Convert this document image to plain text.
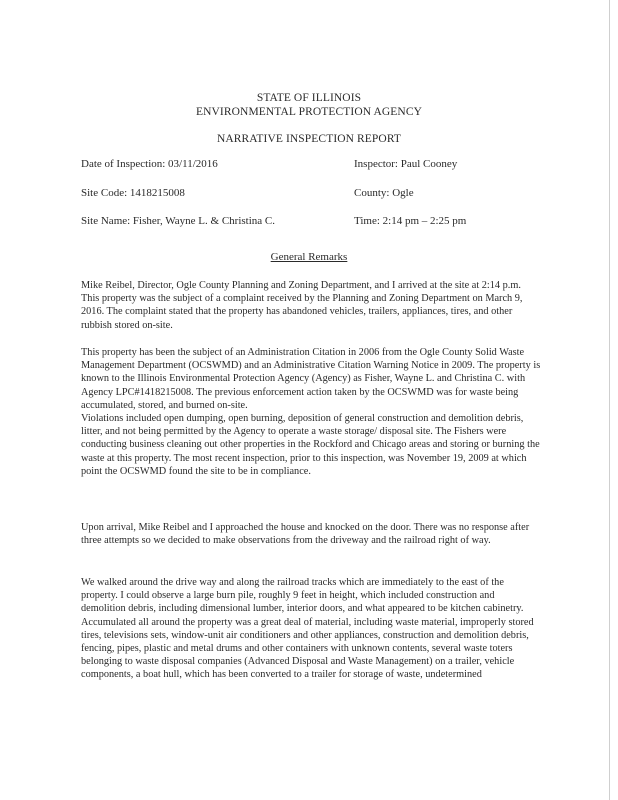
STATE OF ILLINOIS
ENVIRONMENTAL PROTECTION AGENCY
NARRATIVE INSPECTION REPORT
Date of Inspection: 03/11/2016	Inspector: Paul Cooney
Site Code: 1418215008	County: Ogle
Site Name: Fisher, Wayne L. & Christina C.	Time: 2:14 pm – 2:25 pm
General Remarks
Mike Reibel, Director, Ogle County Planning and Zoning Department, and I arrived at the site at 2:14 p.m. This property was the subject of a complaint received by the Planning and Zoning Department on March 9, 2016. The complaint stated that the property has abandoned vehicles, trailers, appliances, tires, and other rubbish stored on-site.
This property has been the subject of an Administration Citation in 2006 from the Ogle County Solid Waste Management Department (OCSWMD) and an Administrative Citation Warning Notice in 2009. The property is known to the Illinois Environmental Protection Agency (Agency) as Fisher, Wayne L. and Christina C. with Agency LPC#1418215008. The previous enforcement action taken by the OCSWMD was for waste being accumulated, stored, and burned on-site.
Violations included open dumping, open burning, deposition of general construction and demolition debris, litter, and not being permitted by the Agency to operate a waste storage/ disposal site. The Fishers were conducting business cleaning out other properties in the Rockford and Chicago areas and storing or burning the waste at this property. The most recent inspection, prior to this inspection, was November 19, 2009 at which point the OCSWMD found the site to be in compliance.
Upon arrival, Mike Reibel and I approached the house and knocked on the door. There was no response after three attempts so we decided to make observations from the driveway and the railroad right of way.
We walked around the drive way and along the railroad tracks which are immediately to the east of the property. I could observe a large burn pile, roughly 9 feet in height, which included construction and demolition debris, including dimensional lumber, interior doors, and what appeared to be kitchen cabinetry. Accumulated all around the property was a great deal of material, including waste material, improperly stored tires, televisions sets, window-unit air conditioners and other appliances, construction and demolition debris, fencing, pipes, plastic and metal drums and other containers with unknown contents, several waste toters belonging to waste disposal companies (Advanced Disposal and Waste Management) on a trailer, vehicle components, a boat hull, which has been converted to a trailer for storage of waste, undetermined
